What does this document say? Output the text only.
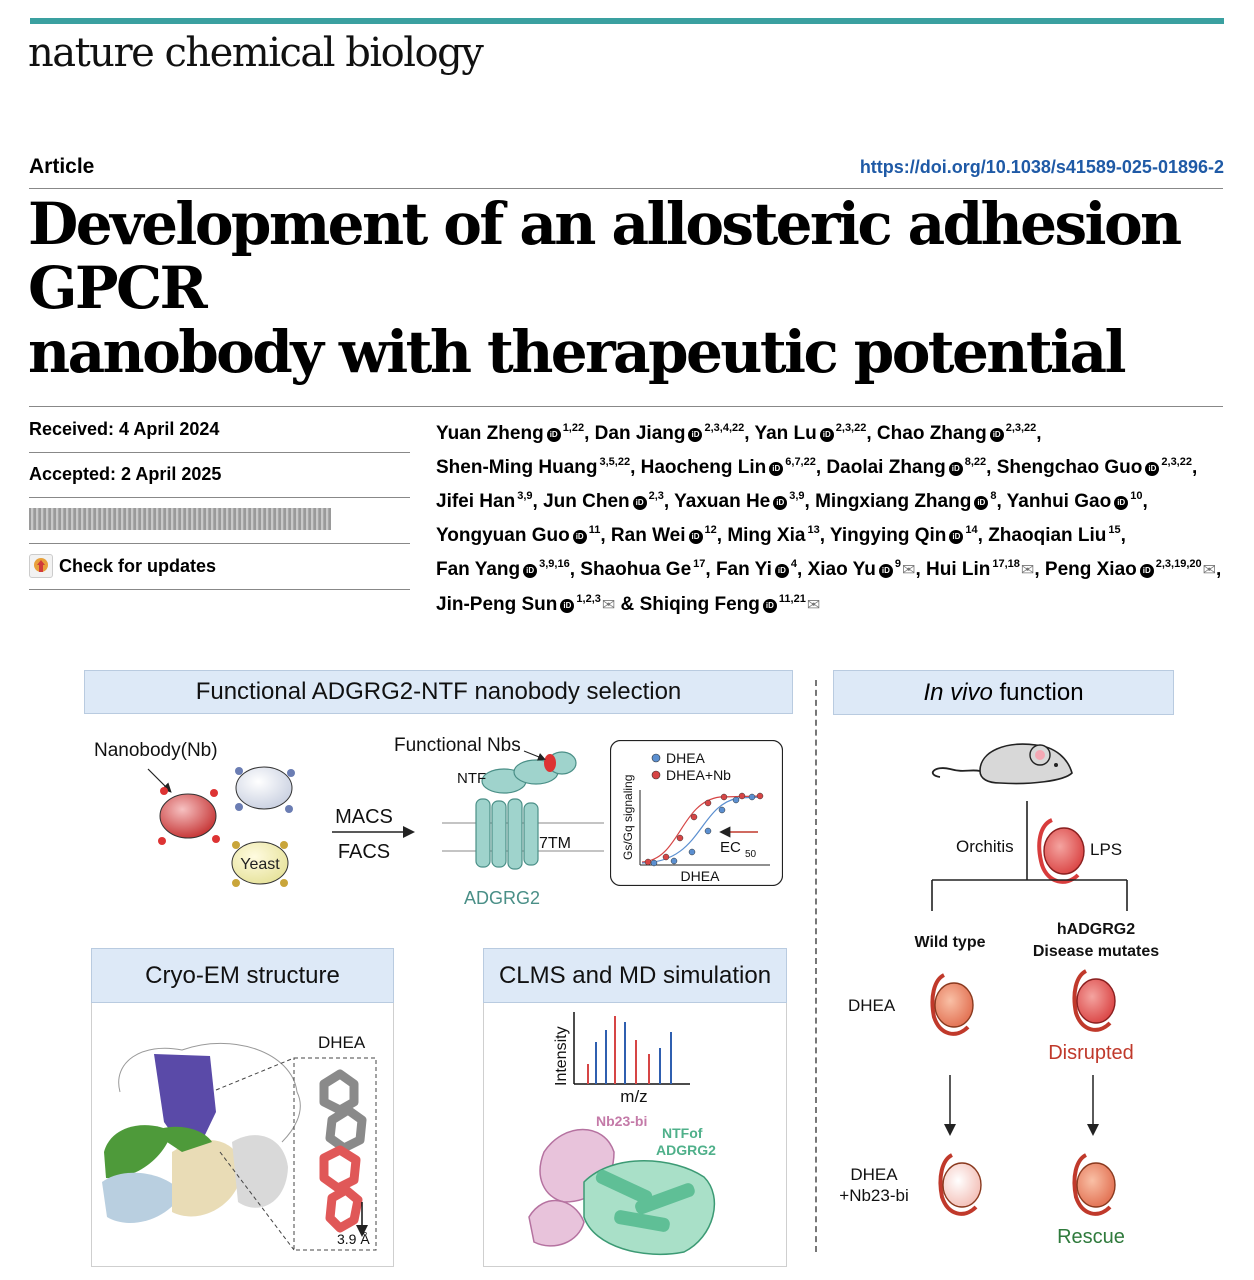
nature chemical biology
Article	https://doi.org/10.1038/s41589-025-01896-2
Development of an allosteric adhesion GPCR
nanobody with therapeutic potential
Received: 4 April 2024
Accepted: 2 April 2025
Check for updates
Yuan Zheng iD$^{1,22}$, Dan Jiang iD$^{2,3,4,22}$, Yan Lu iD$^{2,3,22}$, Chao Zhang iD$^{2,3,22}$, Shen-Ming Huang $^{3,5,22}$, Haocheng Lin iD$^{6,7,22}$, Daolai Zhang iD$^{8,22}$, Shengchao Guo iD$^{2,3,22}$, Jifei Han $^{3,9}$, Jun Chen iD$^{2,3}$, Yaxuan He iD$^{3,9}$, Mingxiang Zhang iD$^8$, Yanhui Gao iD$^{10}$, Yongyuan Guo iD$^{11}$, Ran Wei iD$^{12}$, Ming Xia $^{13}$, Yingying Qin iD$^{14}$, Zhaoqian Liu $^{15}$, Fan Yang iD$^{3,9,16}$, Shaohua Ge $^{17}$, Fan Yi iD$^4$, Xiao Yu iD$^9$✉, Hui Lin $^{17,18}$✉, Peng Xiao iD$^{2,3,19,20}$✉, Jin-Peng Sun iD$^{1,2,3}$✉ & Shiqing Feng iD$^{11,21}$✉
Functional ADGRG2-NTF nanobody selection
Nanobody(Nb)
Yeast
MACS
FACS
Functional Nbs
NTF
7TM
ADGRG2
DHEA
DHEA+Nb
Gs/Gq signaling	EC 50
DHEA
Cryo-EM structure
DHEA
3.9 Å
CLMS and MD simulation
Intensity
m/z
Nb23-bi
NTFof
ADGRG2
In vivo function
Orchitis	LPS
Wild type
hADGRG2
Disease mutates
DHEA
Disrupted
DHEA
+Nb23-bi
Rescue
